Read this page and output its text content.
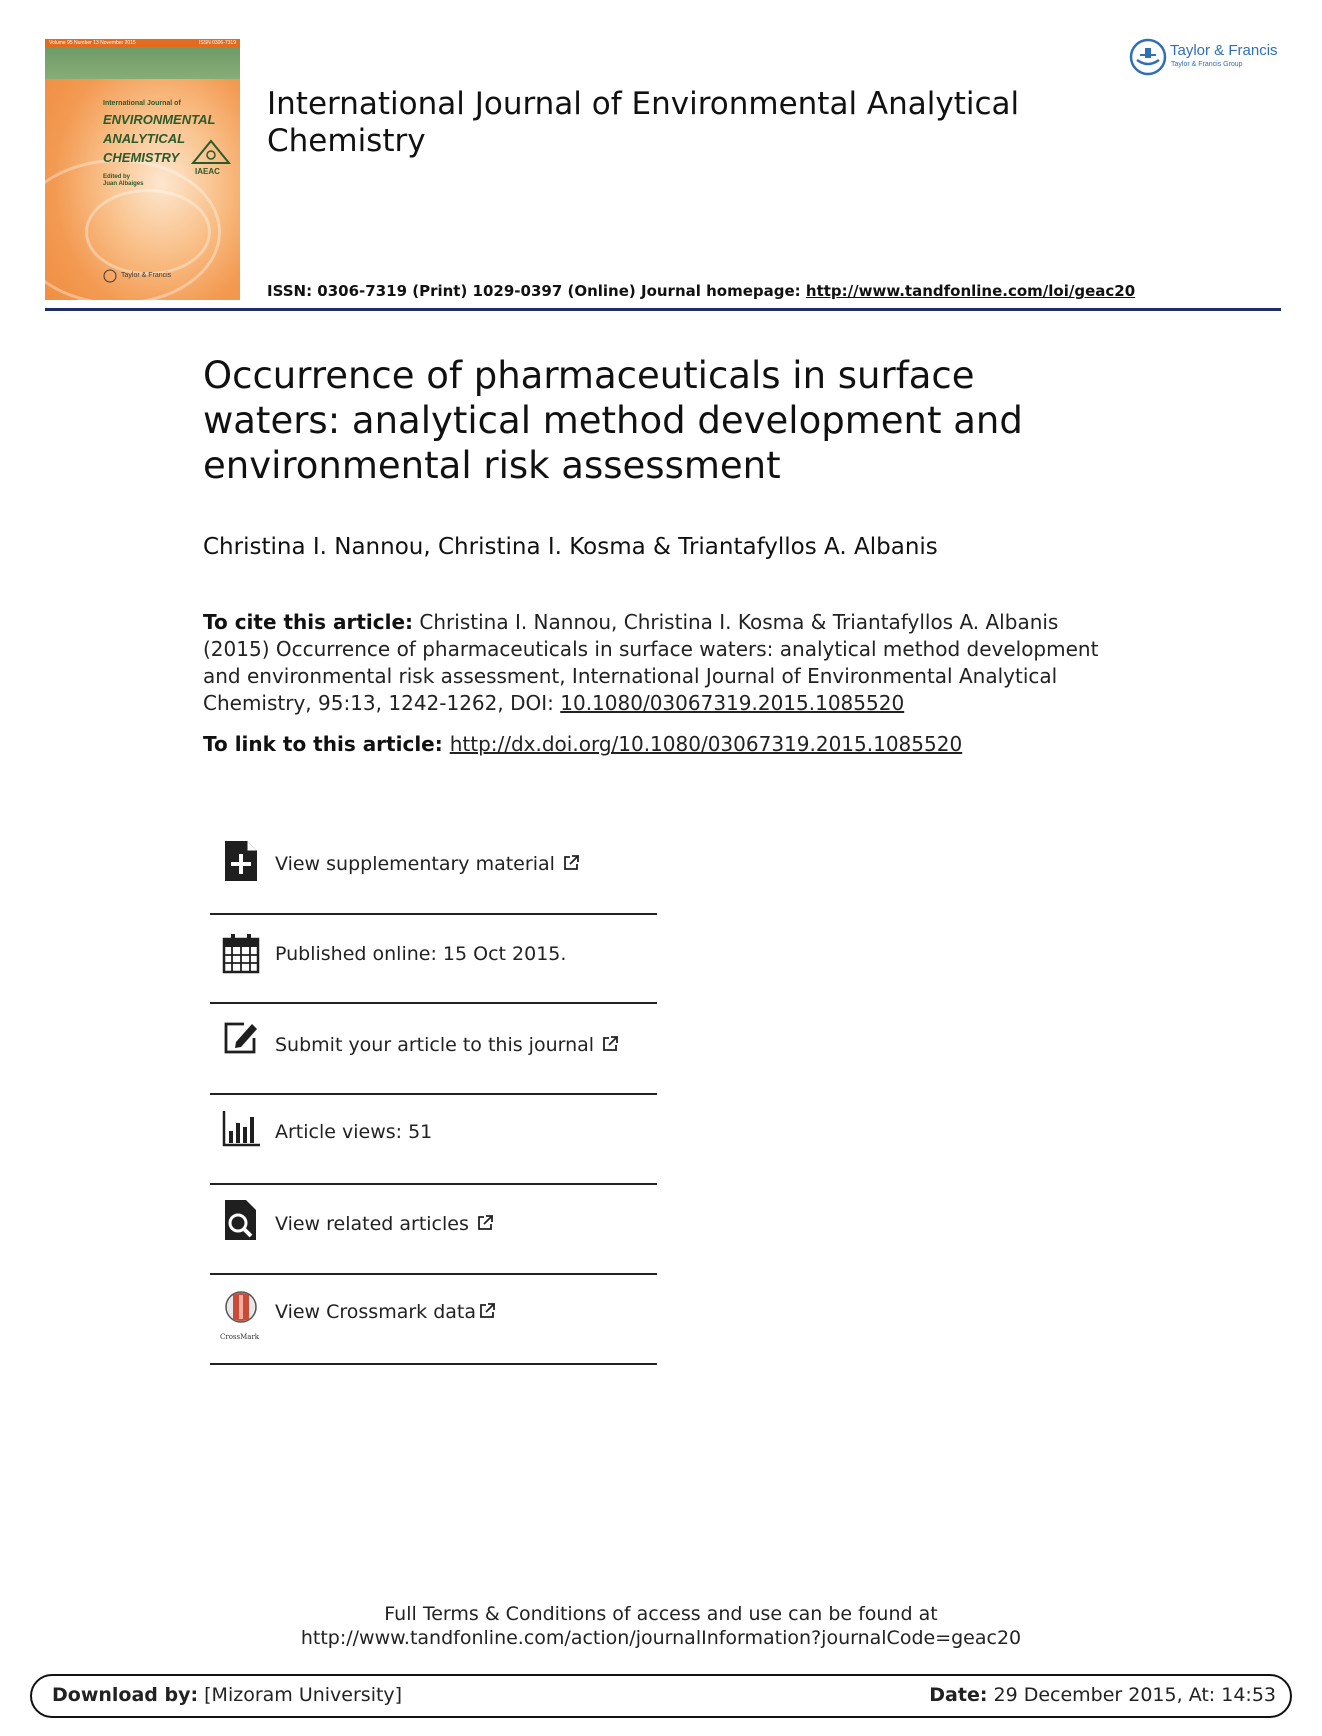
Volume 95 Number 13 November 2015	ISSN 0306-7319
International Journal of
ENVIRONMENTAL
ANALYTICAL
CHEMISTRY
IAEAC
Edited by
Juan Albaiges
Taylor & Francis
International Journal of Environmental Analytical Chemistry
ISSN: 0306-7319 (Print) 1029-0397 (Online) Journal homepage: http://www.tandfonline.com/loi/geac20
Taylor & Francis
Taylor & Francis Group
Occurrence of pharmaceuticals in surface waters: analytical method development and environmental risk assessment
Christina I. Nannou, Christina I. Kosma & Triantafyllos A. Albanis
To cite this article: Christina I. Nannou, Christina I. Kosma & Triantafyllos A. Albanis (2015) Occurrence of pharmaceuticals in surface waters: analytical method development and environmental risk assessment, International Journal of Environmental Analytical Chemistry, 95:13, 1242-1262, DOI: 10.1080/03067319.2015.1085520
To link to this article: http://dx.doi.org/10.1080/03067319.2015.1085520
View supplementary material
Published online: 15 Oct 2015.
Submit your article to this journal
Article views: 51
View related articles
CrossMark
View Crossmark data
Full Terms & Conditions of access and use can be found at
http://www.tandfonline.com/action/journalInformation?journalCode=geac20
Download by: [Mizoram University]	Date: 29 December 2015, At: 14:53
